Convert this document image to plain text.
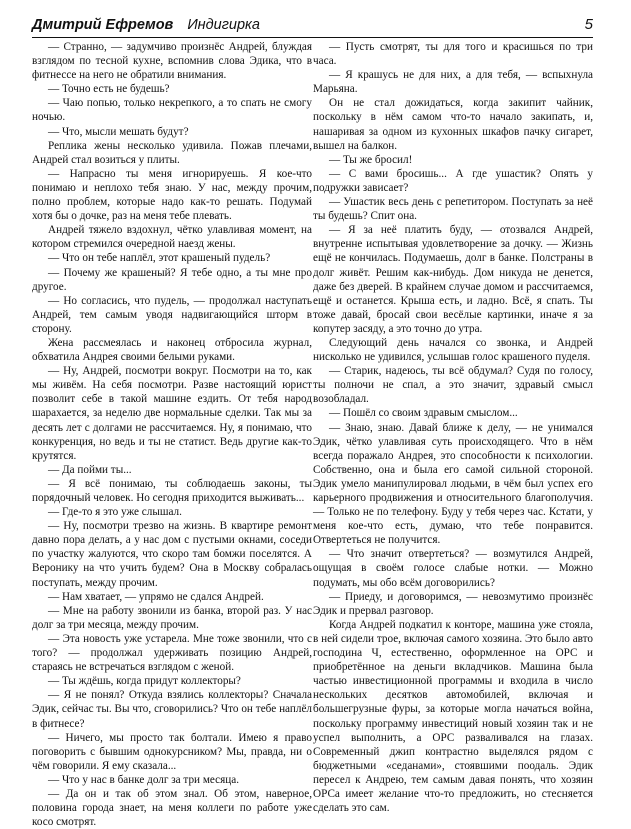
Дмитрий Ефремов Индигирка	5

— Странно, — задумчиво произнёс Андрей, блуждая взглядом по тесной кухне, вспомнив слова Эдика, что в фитнессе на него не обратили внимания.

— Точно есть не будешь?

— Чаю попью, только некрепкого, а то спать не смогу ночью.

— Что, мысли мешать будут?

Реплика жены несколько удивила. Пожав плечами, Андрей стал возиться у плиты.

— Напрасно ты меня игнорируешь. Я кое-что понимаю и неплохо тебя знаю. У нас, между прочим, полно проблем, которые надо как-то решать. Подумай хотя бы о дочке, раз на меня тебе плевать.

Андрей тяжело вздохнул, чётко улавливая момент, на котором стремился очередной наезд жены.

— Что он тебе наплёл, этот крашеный пудель?

— Почему же крашеный? Я тебе одно, а ты мне про другое.

— Но согласись, что пудель, — продолжал наступать Андрей, тем самым уводя надвигающийся шторм в сторону.

Жена рассмеялась и наконец отбросила журнал, обхватила Андрея своими белыми руками.

— Ну, Андрей, посмотри вокруг. Посмотри на то, как мы живём. На себя посмотри. Разве настоящий юрист позволит себе в такой машине ездить. От тебя народ шарахается, за неделю две нормальные сделки. Так мы за десять лет с долгами не рассчитаемся. Ну, я понимаю, что конкуренция, но ведь и ты не статист. Ведь другие как-то крутятся.

— Да пойми ты...

— Я всё понимаю, ты соблюдаешь законы, ты порядочный человек. Но сегодня приходится выживать...

— Где-то я это уже слышал.

— Ну, посмотри трезво на жизнь. В квартире ремонт давно пора делать, а у нас дом с пустыми окнами, соседи по участку жалуются, что скоро там бомжи поселятся. А Веронику на что учить будем? Она в Москву собралась поступать, между прочим.

— Нам хватает, — упрямо не сдался Андрей.

— Мне на работу звонили из банка, второй раз. У нас долг за три месяца, между прочим.

— Эта новость уже устарела. Мне тоже звонили, что с того? — продолжал удерживать позицию Андрей, стараясь не встречаться взглядом с женой.

— Ты ждёшь, когда придут коллекторы?

— Я не понял? Откуда взялись коллекторы? Сначала Эдик, сейчас ты. Вы что, сговорились? Что он тебе наплёл в фитнесе?

— Ничего, мы просто так болтали. Имею я право поговорить с бывшим однокурсником? Мы, правда, ни о чём говорили. Я ему сказала...

— Что у нас в банке долг за три месяца.

— Да он и так об этом знал. Об этом, наверное, половина города знает, на меня коллеги по работе уже косо смотрят.

— Пусть смотрят, ты для того и красишься по три часа.

— Я крашусь не для них, а для тебя, — вспыхнула Марьяна.

Он не стал дожидаться, когда закипит чайник, поскольку в нём самом что-то начало закипать, и, нашаривая за одном из кухонных шкафов пачку сигарет, вышел на балкон.

— Ты же бросил!

— С вами бросишь... А где ушастик? Опять у подружки зависает?

— Ушастик весь день с репетитором. Поступать за неё ты будешь? Спит она.

— Я за неё платить буду, — отозвался Андрей, внутренне испытывая удовлетворение за дочку. — Жизнь ещё не кончилась. Подумаешь, долг в банке. Полстраны в долг живёт. Решим как-нибудь. Дом никуда не денется, даже без дверей. В крайнем случае домом и рассчитаемся, ещё и останется. Крыша есть, и ладно. Всё, я спать. Ты тоже давай, бросай свои весёлые картинки, иначе я за копутер засяду, а это точно до утра.

Следующий день начался со звонка, и Андрей нисколько не удивился, услышав голос крашеного пуделя.

— Старик, надеюсь, ты всё обдумал? Судя по голосу, ты полночи не спал, а это значит, здравый смысл возобладал.

— Пошёл со своим здравым смыслом...

— Знаю, знаю. Давай ближе к делу, — не унимался Эдик, чётко улавливая суть происходящего. Что в нём всегда поражало Андрея, это способности к психологии. Собственно, она и была его самой сильной стороной. Эдик умело манипулировал людьми, в чём был успех его карьерного продвижения и относительного благополучия. — Только не по телефону. Буду у тебя через час. Кстати, у меня кое-что есть, думаю, что тебе понравится. Отвертеться не получится.

— Что значит отвертеться? — возмутился Андрей, ощущая в своём голосе слабые нотки. — Можно подумать, мы обо всём договорились?

— Приеду, и договоримся, — невозмутимо произнёс Эдик и прервал разговор.

Когда Андрей подкатил к конторе, машина уже стояла, в ней сидели трое, включая самого хозяина. Это было авто господина Ч, естественно, оформленное на ОРС и приобретённое на деньги вкладчиков. Машина была частью инвестиционной программы и входила в число нескольких десятков автомобилей, включая и большегрузные фуры, за которые могла начаться война, поскольку программу инвестиций новый хозяин так и не успел выполнить, а ОРС разваливался на глазах. Современный джип контрастно выделялся рядом с бюджетными «седанами», стоявшими поодаль. Эдик пересел к Андрею, тем самым давая понять, что хозяин ОРСа имеет желание что-то предложить, но стесняется сделать это сам.
